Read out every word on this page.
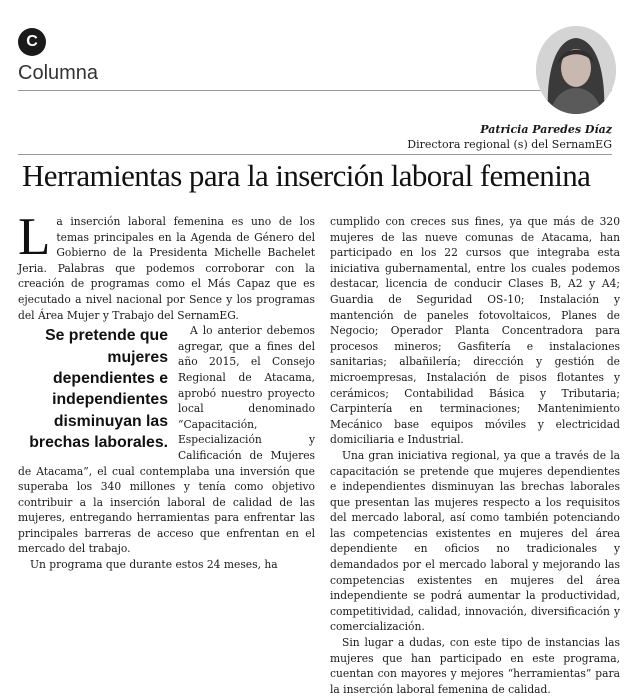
C
Columna
Patricia Paredes Díaz
Directora regional (s) del SernamEG
Herramientas para la inserción laboral femenina

La inserción laboral femenina es uno de los temas principales en la Agenda de Género del Gobierno de la Presidenta Michelle Bachelet Jeria. Palabras que podemos corroborar con la creación de programas como el Más Capaz que es ejecutado a nivel nacional por Sence y los programas del Área Mujer y Trabajo del SernamEG.

Se pretende que mujeres dependientes e independientes disminuyan las brechas laborales.
A lo anterior debemos agregar, que a fines del año 2015, el Consejo Regional de Atacama, aprobó nuestro proyecto local denominado “Capacitación, Especialización y Calificación de Mujeres de Atacama”, el cual contemplaba una inversión que superaba los 340 millones y tenía como objetivo contribuir a la inserción laboral de calidad de las mujeres, entregando herramientas para enfrentar las principales barreras de acceso que enfrentan en el mercado del trabajo.

Un programa que durante estos 24 meses, ha

cumplido con creces sus fines, ya que más de 320 mujeres de las nueve comunas de Atacama, han participado en los 22 cursos que integraba esta iniciativa gubernamental, entre los cuales podemos destacar, licencia de conducir Clases B, A2 y A4; Guardia de Seguridad OS-10; Instalación y mantención de paneles fotovoltaicos, Planes de Negocio; Operador Planta Concentradora para procesos mineros; Gasfitería e instalaciones sanitarias; albañilería; dirección y gestión de microempresas, Instalación de pisos flotantes y cerámicos; Contabilidad Básica y Tributaria; Carpintería en terminaciones; Mantenimiento Mecánico base equipos móviles y electricidad domiciliaria e Industrial.

Una gran iniciativa regional, ya que a través de la capacitación se pretende que mujeres dependientes e independientes disminuyan las brechas laborales que presentan las mujeres respecto a los requisitos del mercado laboral, así como también potenciando las competencias existentes en mujeres del área dependiente en oficios no tradicionales y demandados por el mercado laboral y mejorando las competencias existentes en mujeres del área independiente se podrá aumentar la productividad, competitividad, calidad, innovación, diversificación y comercialización.

Sin lugar a dudas, con este tipo de instancias las mujeres que han participado en este programa, cuentan con mayores y mejores “herramientas” para la inserción laboral femenina de calidad.
